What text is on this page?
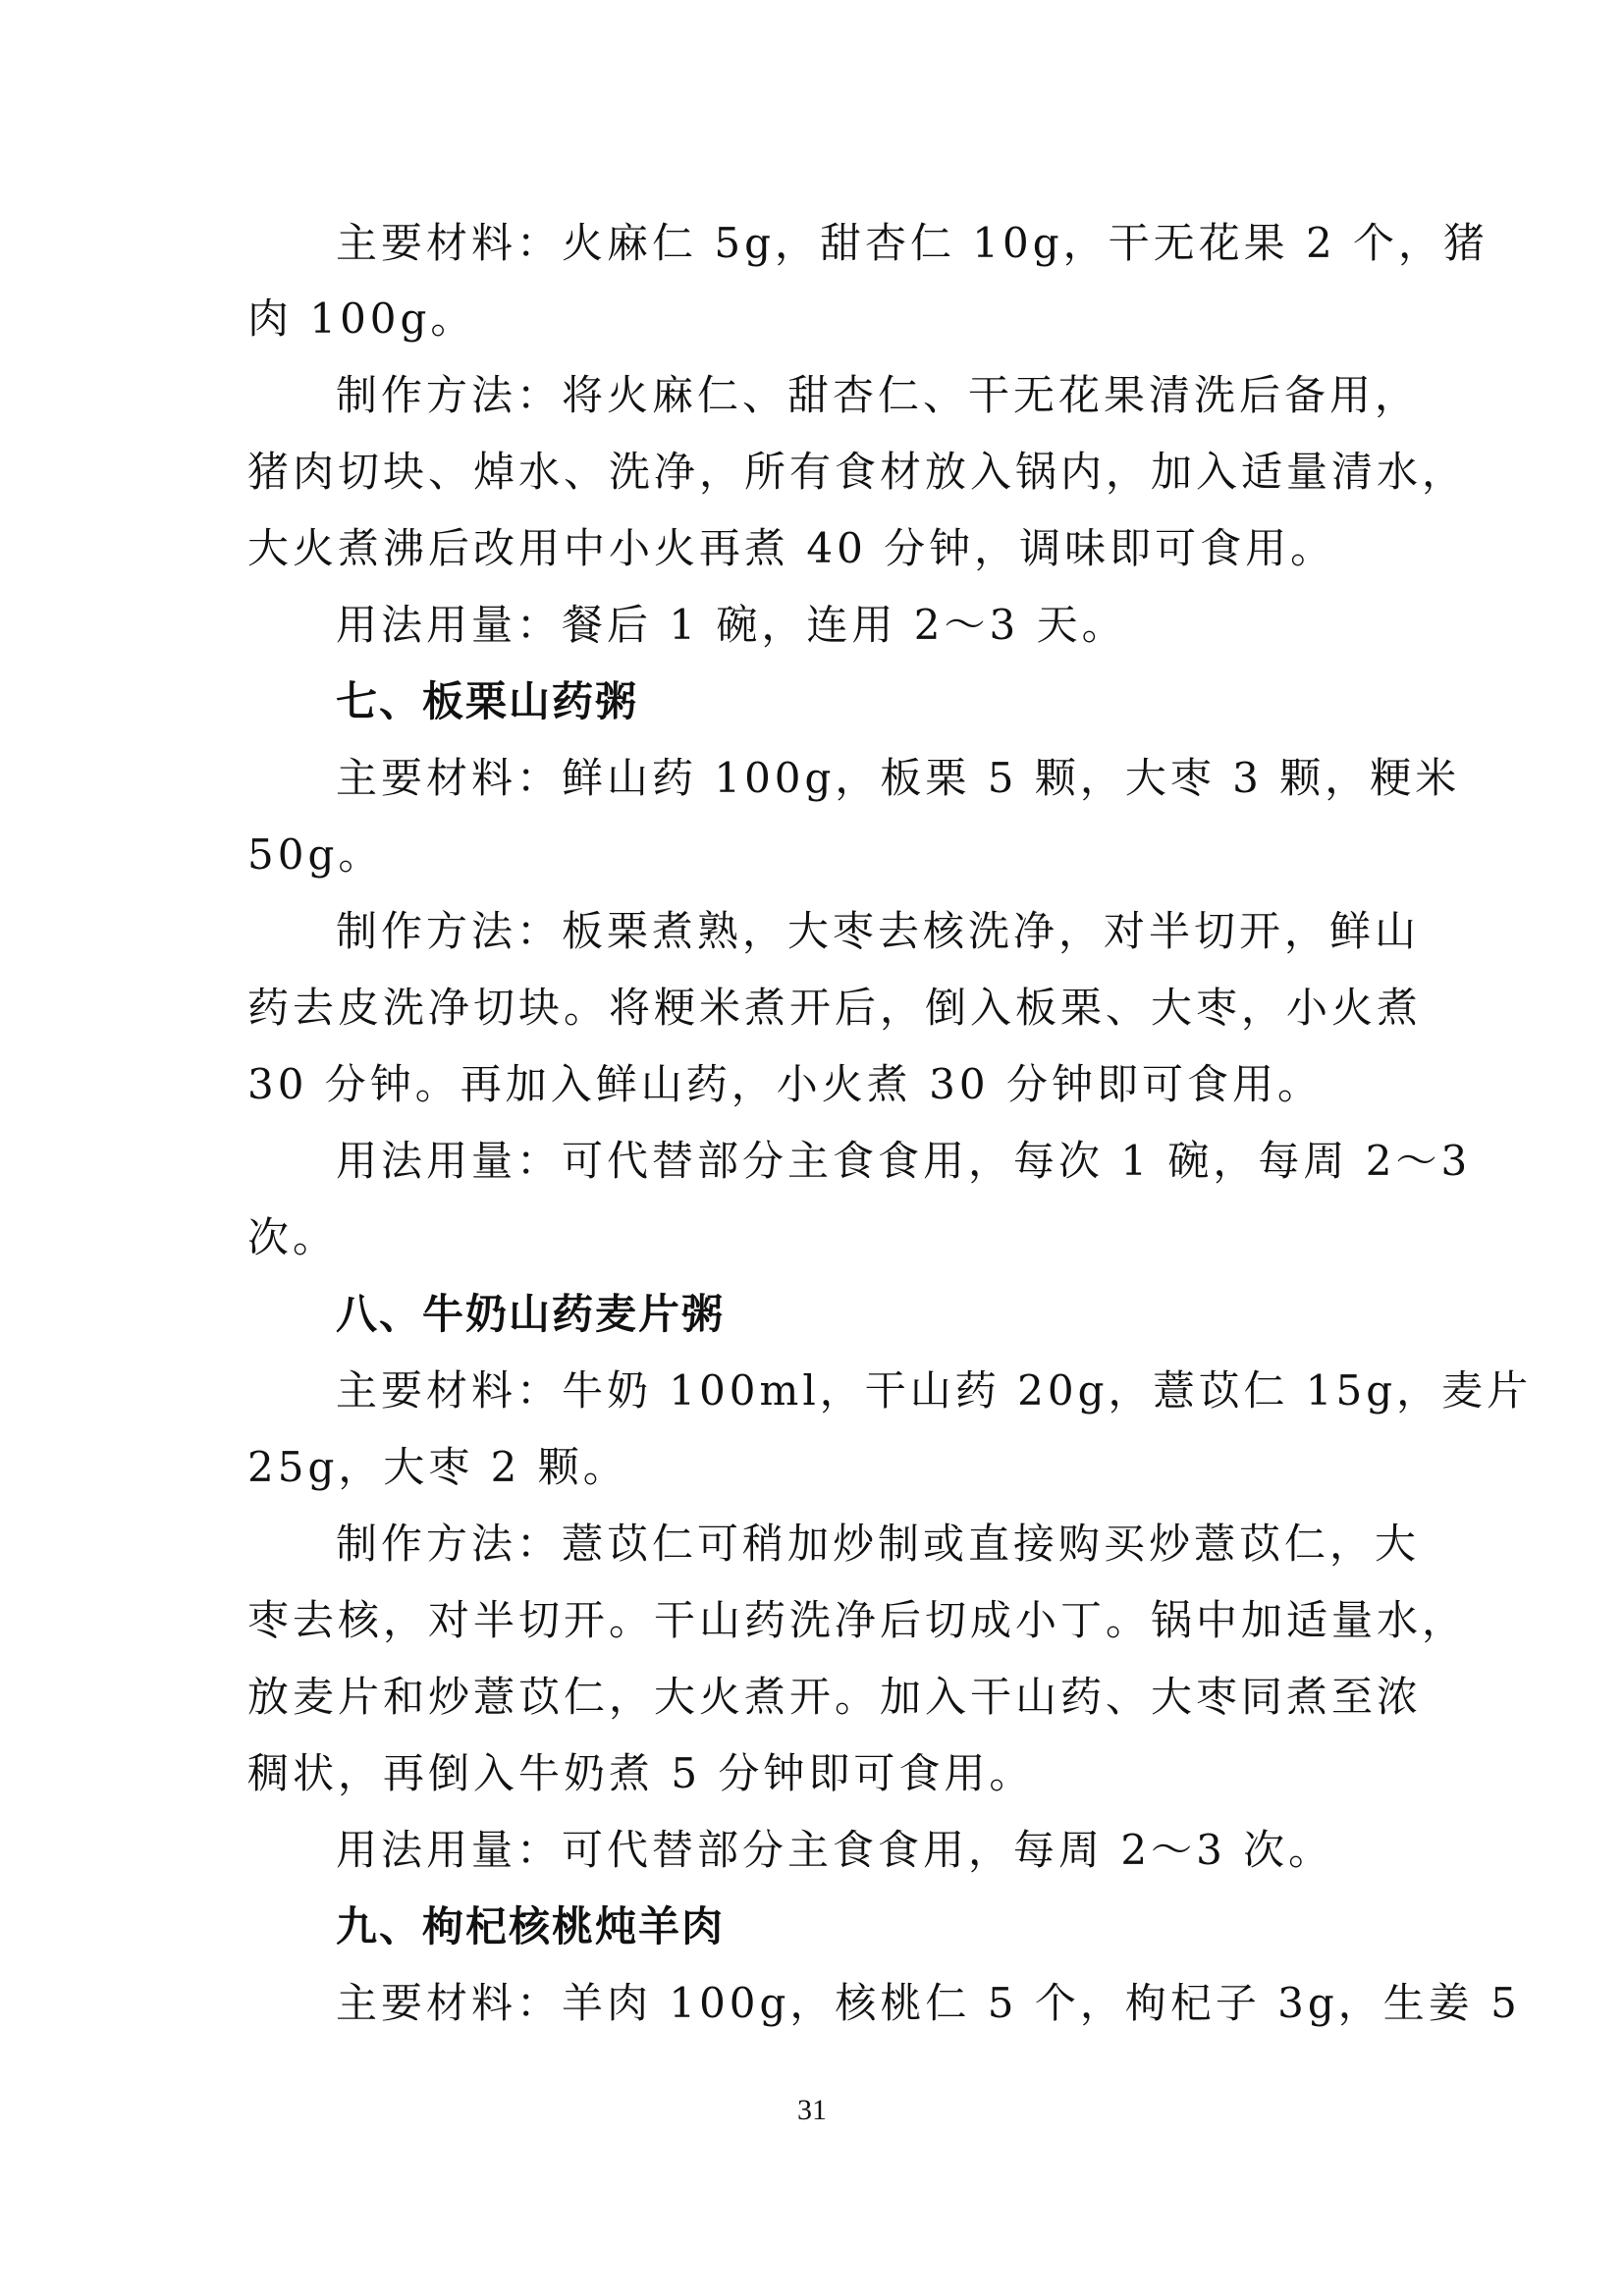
主要材料：火麻仁 5g，甜杏仁 10g，干无花果 2 个，猪
肉 100g。
制作方法：将火麻仁、甜杏仁、干无花果清洗后备用，
猪肉切块、焯水、洗净，所有食材放入锅内，加入适量清水，
大火煮沸后改用中小火再煮 40 分钟，调味即可食用。
用法用量：餐后 1 碗，连用 2～3 天。
七、板栗山药粥
主要材料：鲜山药 100g，板栗 5 颗，大枣 3 颗，粳米
50g。
制作方法：板栗煮熟，大枣去核洗净，对半切开，鲜山
药去皮洗净切块。将粳米煮开后，倒入板栗、大枣，小火煮
30 分钟。再加入鲜山药，小火煮 30 分钟即可食用。
用法用量：可代替部分主食食用，每次 1 碗，每周 2～3
次。
八、牛奶山药麦片粥
主要材料：牛奶 100ml，干山药 20g，薏苡仁 15g，麦片
25g，大枣 2 颗。
制作方法：薏苡仁可稍加炒制或直接购买炒薏苡仁，大
枣去核，对半切开。干山药洗净后切成小丁。锅中加适量水，
放麦片和炒薏苡仁，大火煮开。加入干山药、大枣同煮至浓
稠状，再倒入牛奶煮 5 分钟即可食用。
用法用量：可代替部分主食食用，每周 2～3 次。
九、枸杞核桃炖羊肉
主要材料：羊肉 100g，核桃仁 5 个，枸杞子 3g，生姜 5
31
